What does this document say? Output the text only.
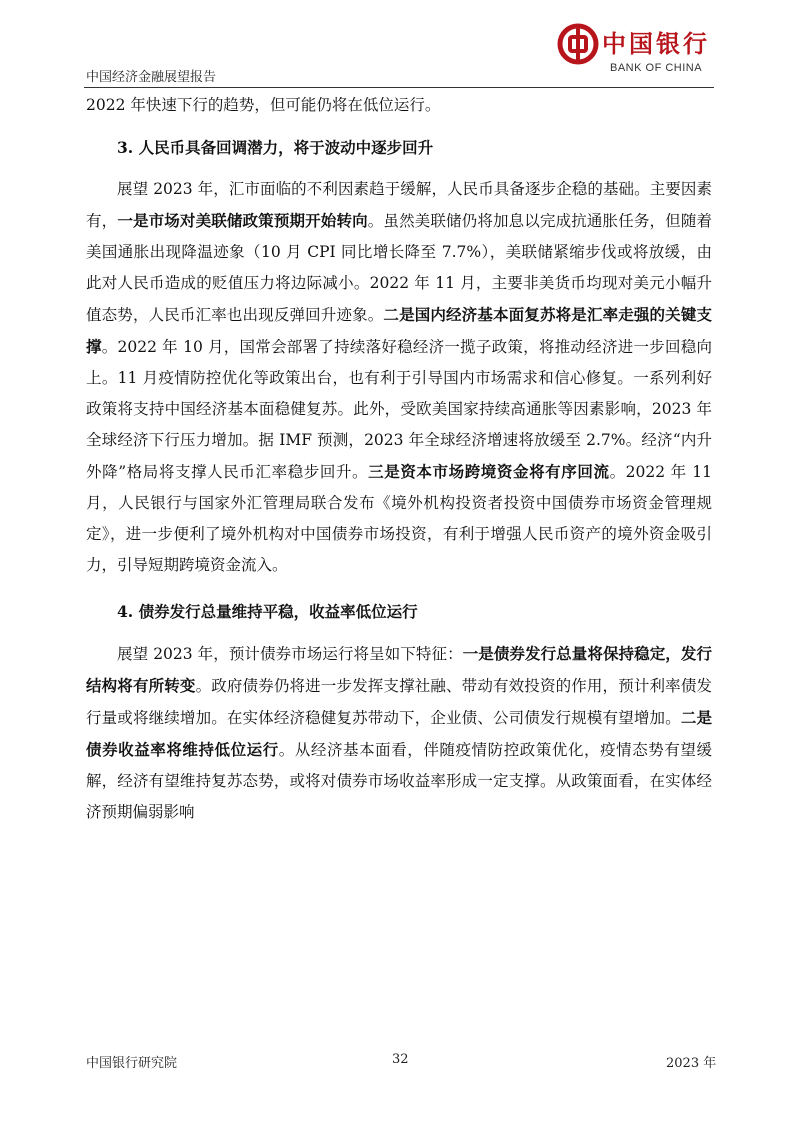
中国经济金融展望报告
中国银行
BANK OF CHINA

2022 年快速下行的趋势，但可能仍将在低位运行。

3. 人民币具备回调潜力，将于波动中逐步回升

展望 2023 年，汇市面临的不利因素趋于缓解，人民币具备逐步企稳的基础。主要因素有，一是市场对美联储政策预期开始转向。虽然美联储仍将加息以完成抗通胀任务，但随着美国通胀出现降温迹象（10 月 CPI 同比增长降至 7.7%），美联储紧缩步伐或将放缓，由此对人民币造成的贬值压力将边际减小。2022 年 11 月，主要非美货币均现对美元小幅升值态势，人民币汇率也出现反弹回升迹象。二是国内经济基本面复苏将是汇率走强的关键支撑。2022 年 10 月，国常会部署了持续落好稳经济一揽子政策，将推动经济进一步回稳向上。11 月疫情防控优化等政策出台，也有利于引导国内市场需求和信心修复。一系列利好政策将支持中国经济基本面稳健复苏。此外，受欧美国家持续高通胀等因素影响，2023 年全球经济下行压力增加。据 IMF 预测，2023 年全球经济增速将放缓至 2.7%。经济“内升外降”格局将支撑人民币汇率稳步回升。三是资本市场跨境资金将有序回流。2022 年 11 月，人民银行与国家外汇管理局联合发布《境外机构投资者投资中国债券市场资金管理规定》，进一步便利了境外机构对中国债券市场投资，有利于增强人民币资产的境外资金吸引力，引导短期跨境资金流入。

4. 债券发行总量维持平稳，收益率低位运行

展望 2023 年，预计债券市场运行将呈如下特征：一是债券发行总量将保持稳定，发行结构将有所转变。政府债券仍将进一步发挥支撑社融、带动有效投资的作用，预计利率债发行量或将继续增加。在实体经济稳健复苏带动下，企业债、公司债发行规模有望增加。二是债券收益率将维持低位运行。从经济基本面看，伴随疫情防控政策优化，疫情态势有望缓解，经济有望维持复苏态势，或将对债券市场收益率形成一定支撑。从政策面看，在实体经济预期偏弱影响

中国银行研究院	32	2023 年
